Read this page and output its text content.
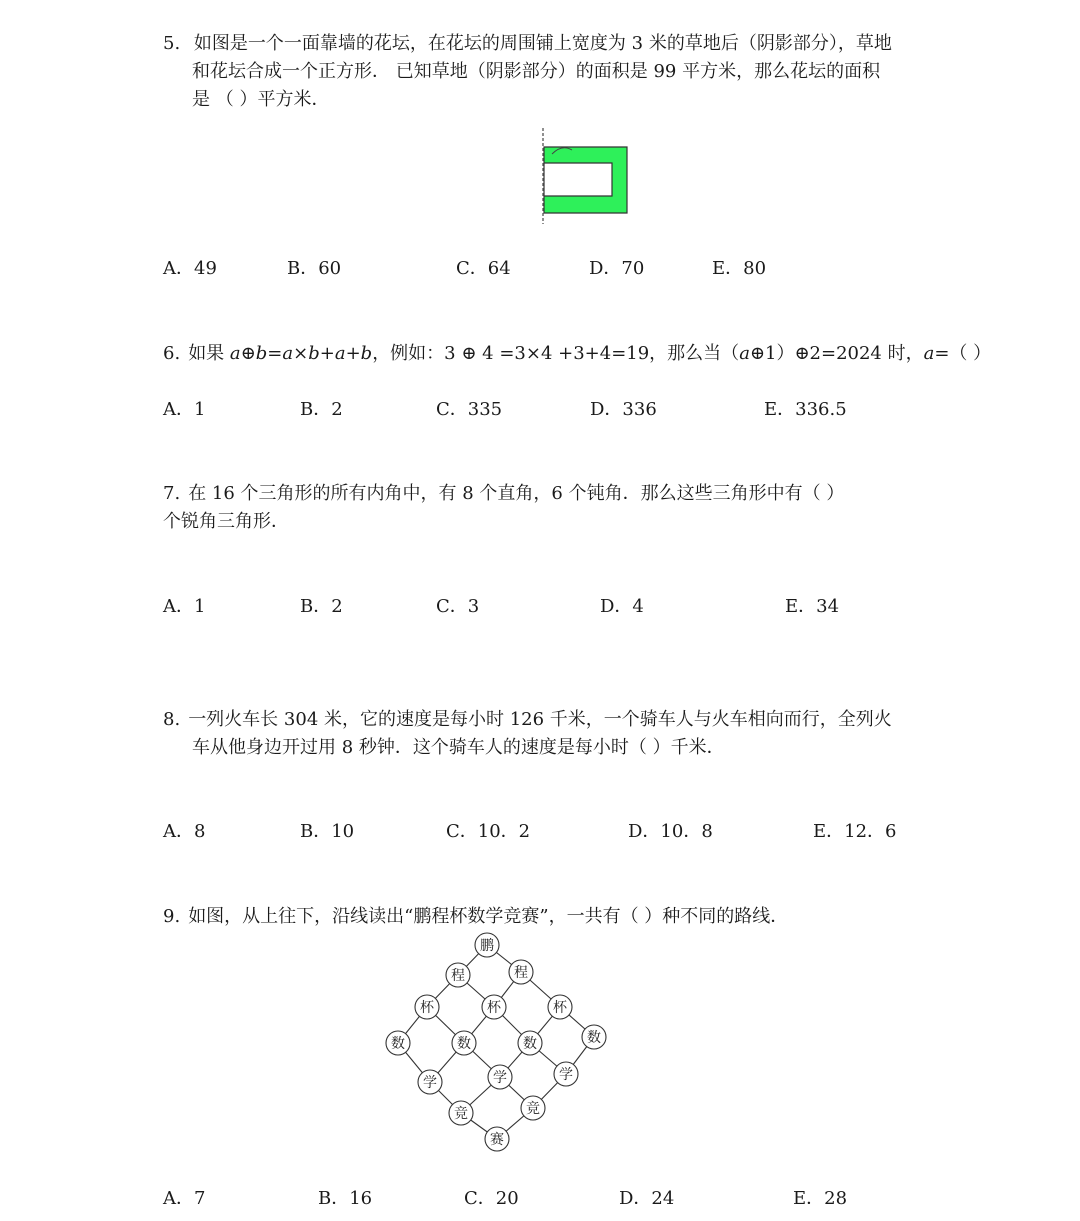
5. 如图是一个一面靠墙的花坛，在花坛的周围铺上宽度为 3 米的草地后（阴影部分），草地
和花坛合成一个正方形． 已知草地（阴影部分）的面积是 99 平方米，那么花坛的面积
是 （ ）平方米．
A．49	B．60	C．64	D．70	E．80
6. 如果 a⊕b=a×b+a+b，例如：3 ⊕ 4 =3×4 +3+4=19，那么当（a⊕1）⊕2=2024 时，a=（ ）
A．1	B．2	C．335	D．336	E．336.5
7. 在 16 个三角形的所有内角中，有 8 个直角，6 个钝角．那么这些三角形中有（ ）
个锐角三角形．
A．1	B．2	C．3	D．4	E．34
8. 一列火车长 304 米，它的速度是每小时 126 千米，一个骑车人与火车相向而行，全列火
车从他身边开过用 8 秒钟．这个骑车人的速度是每小时（ ）千米．
A．8	B．10	C．10．2	D．10．8	E．12．6
9. 如图，从上往下，沿线读出“鹏程杯数学竞赛”，一共有（ ）种不同的路线．
鹏
程	程
杯	杯	杯
数	数	数	数
学	学	学
竞	竞
赛
A．7	B．16	C．20	D．24	E．28
